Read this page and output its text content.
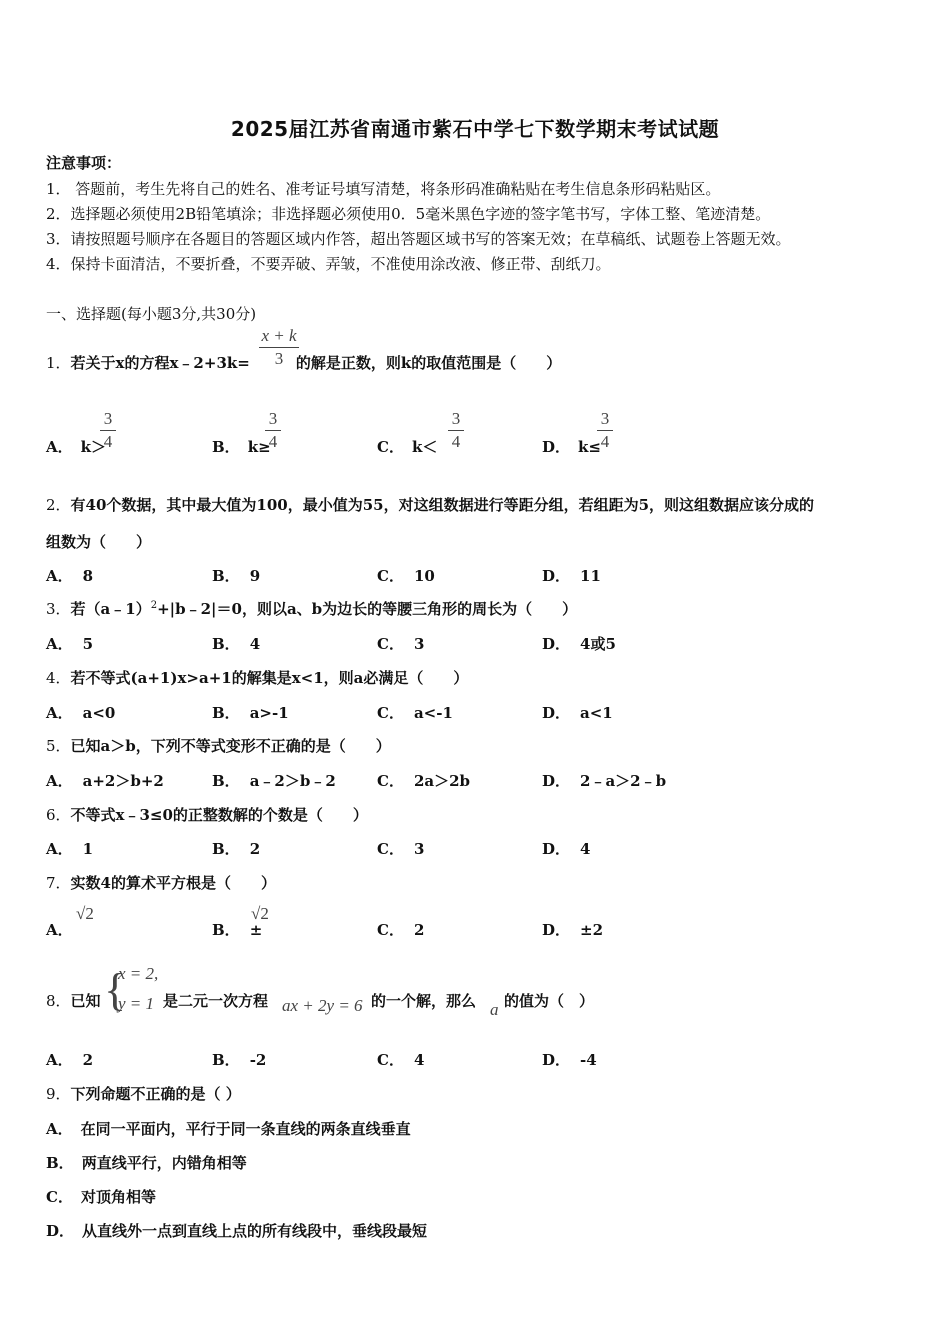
2025届江苏省南通市紫石中学七下数学期末考试试题
注意事项：
1． 答题前，考生先将自己的姓名、准考证号填写清楚，将条形码准确粘贴在考生信息条形码粘贴区。
2．选择题必须使用2B铅笔填涂；非选择题必须使用0．5毫米黑色字迹的签字笔书写，字体工整、笔迹清楚。
3．请按照题号顺序在各题目的答题区域内作答，超出答题区域书写的答案无效；在草稿纸、试题卷上答题无效。
4．保持卡面清洁，不要折叠，不要弄破、弄皱，不准使用涂改液、修正带、刮纸刀。
一、选择题(每小题3分,共30分)
1．若关于x的方程x﹣2+3k=	的解是正数，则k的取值范围是（　　）
x + k
3
A． k＞
3
4	B． k≥
3
4	C． k＜
3
4	D． k≤
3
4
2．有40个数据，其中最大值为100，最小值为55，对这组数据进行等距分组，若组距为5，则这组数据应该分成的
组数为（　　）
A． 8	B． 9	C． 10	D． 11
3．若（a﹣1）$^2$+|b﹣2|＝0，则以a、b为边长的等腰三角形的周长为（　　）
A． 5	B． 4	C． 3	D． 4或5
4．若不等式(a+1)x>a+1的解集是x<1，则a必满足（　　）
A． a<0	B． a>-1	C． a<-1	D． a<1
5．已知a＞b，下列不等式变形不正确的是（　　）
A． a+2＞b+2	B． a﹣2＞b﹣2	C． 2a＞2b	D． 2﹣a＞2﹣b
6．不等式x﹣3≤0的正整数解的个数是（　　）
A． 1	B． 2	C． 3	D． 4
7．实数4的算术平方根是（　　）
A．
√2
B． ±
√2
C． 2	D． ±2
8．已知 {
x = 2,
y = 1 是二元一次方程 ax + 2y = 6 的一个解，那么 a 的值为（　）
A． 2	B． -2	C． 4	D． -4
9．下列命题不正确的是（ ）
A． 在同一平面内，平行于同一条直线的两条直线垂直
B． 两直线平行，内错角相等
C． 对顶角相等
D． 从直线外一点到直线上点的所有线段中，垂线段最短
